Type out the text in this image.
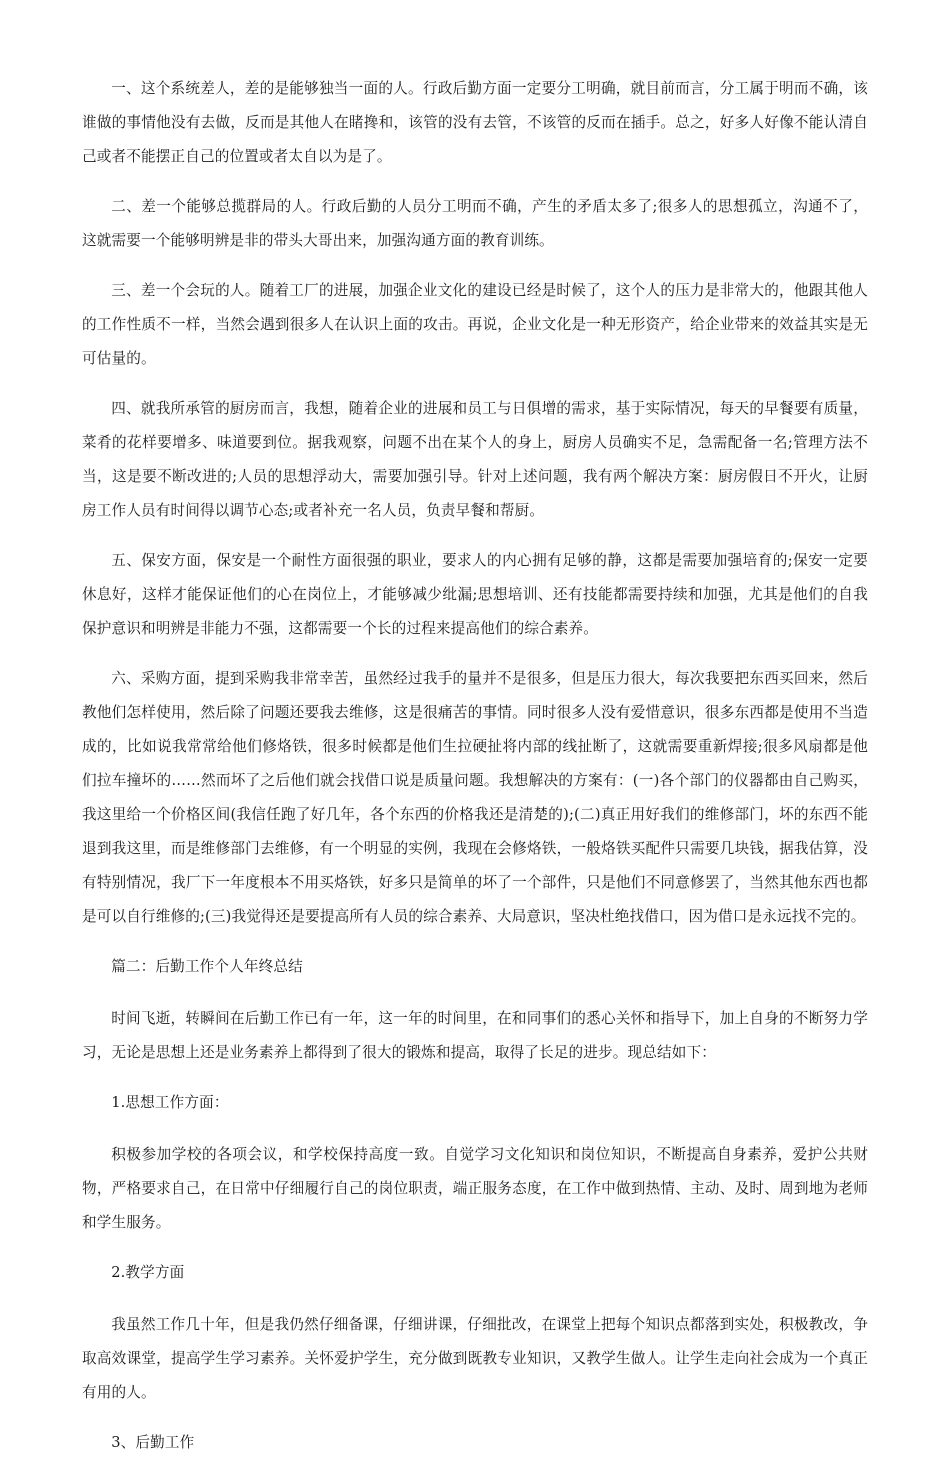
一、这个系统差人，差的是能够独当一面的人。行政后勤方面一定要分工明确，就目前而言，分工属于明而不确，该谁做的事情他没有去做，反而是其他人在睹搀和，该管的没有去管，不该管的反而在插手。总之，好多人好像不能认清自己或者不能摆正自己的位置或者太自以为是了。

二、差一个能够总揽群局的人。行政后勤的人员分工明而不确，产生的矛盾太多了;很多人的思想孤立，沟通不了，这就需要一个能够明辨是非的带头大哥出来，加强沟通方面的教育训练。

三、差一个会玩的人。随着工厂的进展，加强企业文化的建设已经是时候了，这个人的压力是非常大的，他跟其他人的工作性质不一样，当然会遇到很多人在认识上面的攻击。再说，企业文化是一种无形资产，给企业带来的效益其实是无可估量的。

四、就我所承管的厨房而言，我想，随着企业的进展和员工与日俱增的需求，基于实际情况，每天的早餐要有质量，菜肴的花样要增多、味道要到位。据我观察，问题不出在某个人的身上，厨房人员确实不足，急需配备一名;管理方法不当，这是要不断改进的;人员的思想浮动大，需要加强引导。针对上述问题，我有两个解决方案：厨房假日不开火，让厨房工作人员有时间得以调节心态;或者补充一名人员，负责早餐和帮厨。

五、保安方面，保安是一个耐性方面很强的职业，要求人的内心拥有足够的静，这都是需要加强培育的;保安一定要休息好，这样才能保证他们的心在岗位上，才能够减少纰漏;思想培训、还有技能都需要持续和加强，尤其是他们的自我保护意识和明辨是非能力不强，这都需要一个长的过程来提高他们的综合素养。

六、采购方面，提到采购我非常幸苦，虽然经过我手的量并不是很多，但是压力很大，每次我要把东西买回来，然后教他们怎样使用，然后除了问题还要我去维修，这是很痛苦的事情。同时很多人没有爱惜意识，很多东西都是使用不当造成的，比如说我常常给他们修烙铁，很多时候都是他们生拉硬扯将内部的线扯断了，这就需要重新焊接;很多风扇都是他们拉车撞坏的……然而坏了之后他们就会找借口说是质量问题。我想解决的方案有：(一)各个部门的仪器都由自己购买，我这里给一个价格区间(我信任跑了好几年，各个东西的价格我还是清楚的);(二)真正用好我们的维修部门，坏的东西不能退到我这里，而是维修部门去维修，有一个明显的实例，我现在会修烙铁，一般烙铁买配件只需要几块钱，据我估算，没有特别情况，我厂下一年度根本不用买烙铁，好多只是简单的坏了一个部件，只是他们不同意修罢了，当然其他东西也都是可以自行维修的;(三)我觉得还是要提高所有人员的综合素养、大局意识，坚决杜绝找借口，因为借口是永远找不完的。

篇二：后勤工作个人年终总结

时间飞逝，转瞬间在后勤工作已有一年，这一年的时间里，在和同事们的悉心关怀和指导下，加上自身的不断努力学习，无论是思想上还是业务素养上都得到了很大的锻炼和提高，取得了长足的进步。现总结如下：

1.思想工作方面：

积极参加学校的各项会议，和学校保持高度一致。自觉学习文化知识和岗位知识，不断提高自身素养，爱护公共财物，严格要求自己，在日常中仔细履行自己的岗位职责，端正服务态度，在工作中做到热情、主动、及时、周到地为老师和学生服务。

2.教学方面

我虽然工作几十年，但是我仍然仔细备课，仔细讲课，仔细批改，在课堂上把每个知识点都落到实处，积极教改，争取高效课堂，提高学生学习素养。关怀爱护学生，充分做到既教专业知识，又教学生做人。让学生走向社会成为一个真正有用的人。

3、后勤工作
